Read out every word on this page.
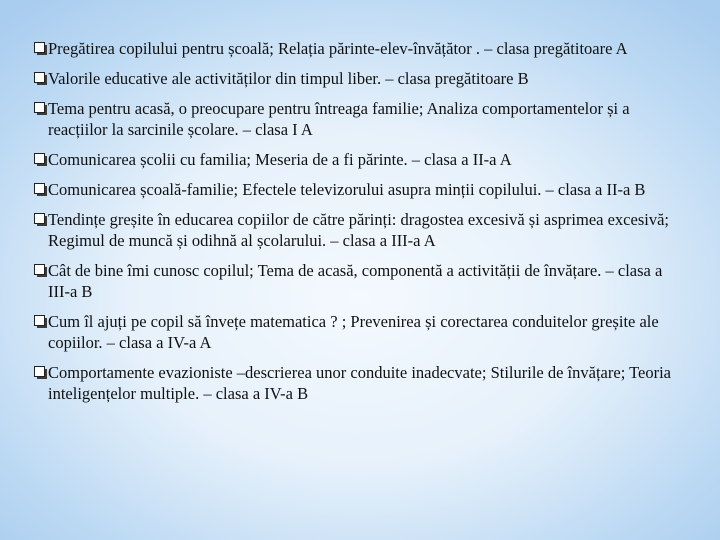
Pregătirea copilului pentru școală; Relația părinte-elev-învățător . – clasa pregătitoare A
Valorile educative ale activităților din timpul liber. – clasa pregătitoare B
Tema pentru acasă, o preocupare pentru întreaga familie; Analiza comportamentelor și a reacțiilor la sarcinile școlare. – clasa I A
Comunicarea școlii cu familia; Meseria de a fi părinte. – clasa a II-a A
Comunicarea școală-familie; Efectele televizorului asupra minții copilului. – clasa a II-a B
Tendințe greșite în educarea copiilor de către părinți: dragostea excesivă și asprimea excesivă; Regimul de muncă și odihnă al școlarului. – clasa a III-a A
Cât de bine îmi cunosc copilul; Tema de acasă, componentă a activității de învățare. – clasa a III-a B
Cum îl ajuți pe copil să învețe matematica ? ; Prevenirea și corectarea conduitelor greșite ale copiilor. – clasa a IV-a A
Comportamente evazioniste –descrierea unor conduite inadecvate; Stilurile de învățare; Teoria inteligențelor multiple. – clasa a IV-a B
